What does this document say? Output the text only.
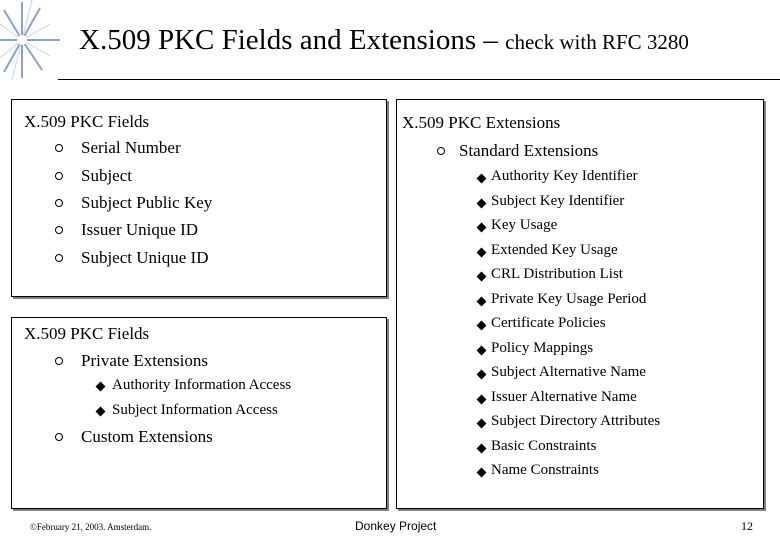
X.509 PKC Fields and Extensions – check with RFC 3280
X.509 PKC Fields
Serial Number
Subject
Subject Public Key
Issuer Unique ID
Subject Unique ID
X.509 PKC Fields
Private Extensions
Authority Information Access
Subject Information Access
Custom Extensions
X.509 PKC Extensions
Standard Extensions
Authority Key Identifier
Subject Key Identifier
Key Usage
Extended Key Usage
CRL Distribution List
Private Key Usage Period
Certificate Policies
Policy Mappings
Subject Alternative Name
Issuer Alternative Name
Subject Directory Attributes
Basic Constraints
Name Constraints
©February 21, 2003. Amsterdam.	Donkey Project	12
